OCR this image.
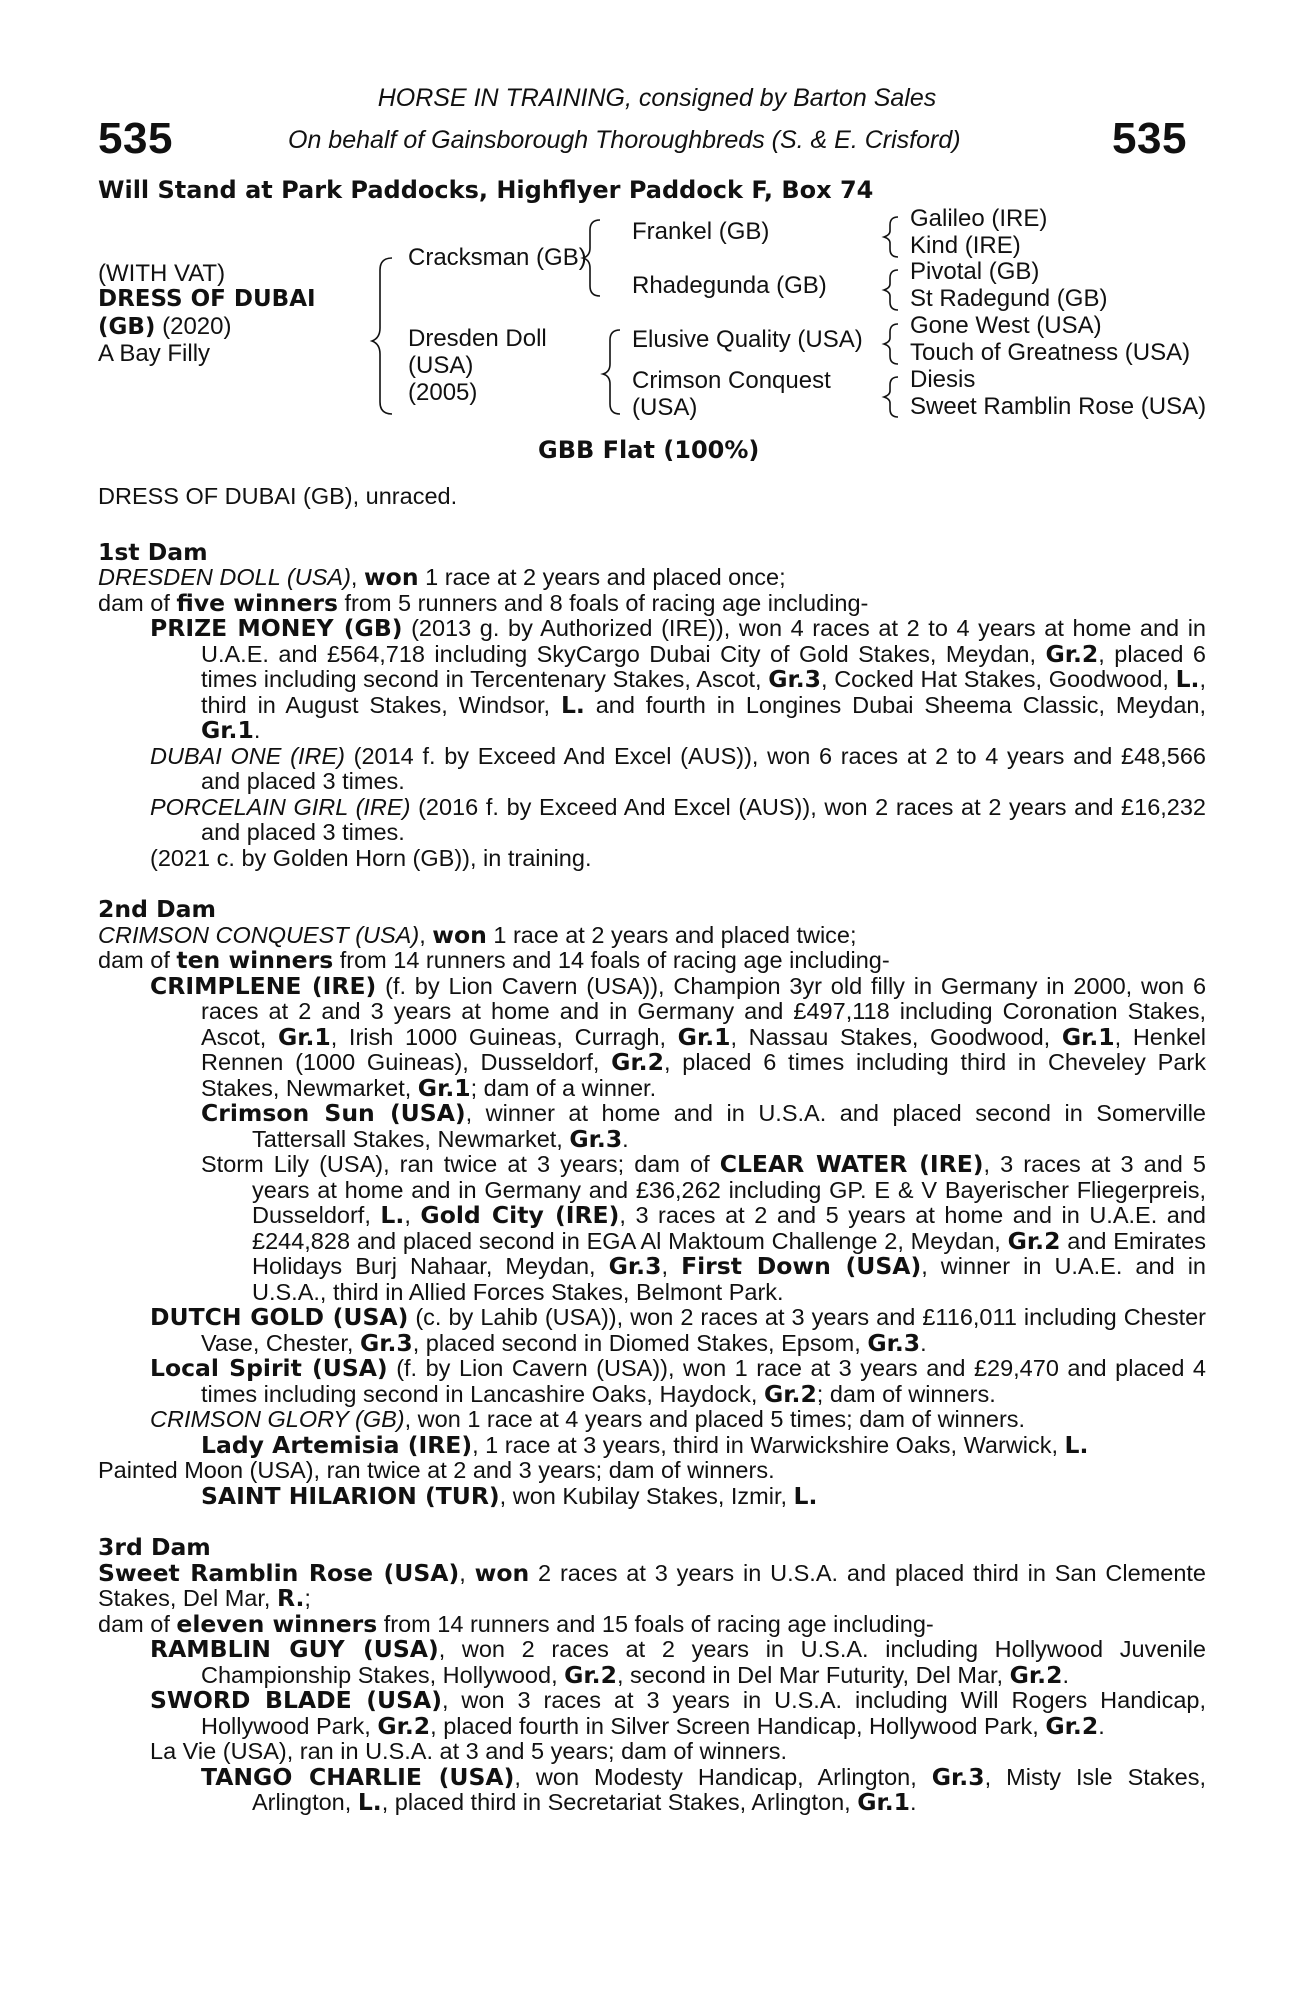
535	535
HORSE IN TRAINING, consigned by Barton Sales
On behalf of Gainsborough Thoroughbreds (S. & E. Crisford)
Will Stand at Park Paddocks, Highflyer Paddock F, Box 74
(WITH VAT)
DRESS OF DUBAI
(GB) (2020)
A Bay Filly
Cracksman (GB)
Dresden Doll
(USA)
(2005)
Frankel (GB)
Rhadegunda (GB)
Elusive Quality (USA)
Crimson Conquest
(USA)
Galileo (IRE)
Kind (IRE)
Pivotal (GB)
St Radegund (GB)
Gone West (USA)
Touch of Greatness (USA)
Diesis
Sweet Ramblin Rose (USA)
GBB Flat (100%)
DRESS OF DUBAI (GB), unraced.
1st Dam
DRESDEN DOLL (USA), won 1 race at 2 years and placed once;
dam of five winners from 5 runners and 8 foals of racing age including-
PRIZE MONEY (GB) (2013 g. by Authorized (IRE)), won 4 races at 2 to 4 years at home and in U.A.E. and £564,718 including SkyCargo Dubai City of Gold Stakes, Meydan, Gr.2, placed 6 times including second in Tercentenary Stakes, Ascot, Gr.3, Cocked Hat Stakes, Goodwood, L., third in August Stakes, Windsor, L. and fourth in Longines Dubai Sheema Classic, Meydan, Gr.1.
DUBAI ONE (IRE) (2014 f. by Exceed And Excel (AUS)), won 6 races at 2 to 4 years and £48,566 and placed 3 times.
PORCELAIN GIRL (IRE) (2016 f. by Exceed And Excel (AUS)), won 2 races at 2 years and £16,232 and placed 3 times.
(2021 c. by Golden Horn (GB)), in training.
2nd Dam
CRIMSON CONQUEST (USA), won 1 race at 2 years and placed twice;
dam of ten winners from 14 runners and 14 foals of racing age including-
CRIMPLENE (IRE) (f. by Lion Cavern (USA)), Champion 3yr old filly in Germany in 2000, won 6 races at 2 and 3 years at home and in Germany and £497,118 including Coronation Stakes, Ascot, Gr.1, Irish 1000 Guineas, Curragh, Gr.1, Nassau Stakes, Goodwood, Gr.1, Henkel Rennen (1000 Guineas), Dusseldorf, Gr.2, placed 6 times including third in Cheveley Park Stakes, Newmarket, Gr.1; dam of a winner.
Crimson Sun (USA), winner at home and in U.S.A. and placed second in Somerville Tattersall Stakes, Newmarket, Gr.3.
Storm Lily (USA), ran twice at 3 years; dam of CLEAR WATER (IRE), 3 races at 3 and 5 years at home and in Germany and £36,262 including GP. E & V Bayerischer Fliegerpreis, Dusseldorf, L., Gold City (IRE), 3 races at 2 and 5 years at home and in U.A.E. and £244,828 and placed second in EGA Al Maktoum Challenge 2, Meydan, Gr.2 and Emirates Holidays Burj Nahaar, Meydan, Gr.3, First Down (USA), winner in U.A.E. and in U.S.A., third in Allied Forces Stakes, Belmont Park.
DUTCH GOLD (USA) (c. by Lahib (USA)), won 2 races at 3 years and £116,011 including Chester Vase, Chester, Gr.3, placed second in Diomed Stakes, Epsom, Gr.3.
Local Spirit (USA) (f. by Lion Cavern (USA)), won 1 race at 3 years and £29,470 and placed 4 times including second in Lancashire Oaks, Haydock, Gr.2; dam of winners.
CRIMSON GLORY (GB), won 1 race at 4 years and placed 5 times; dam of winners.
Lady Artemisia (IRE), 1 race at 3 years, third in Warwickshire Oaks, Warwick, L.
Painted Moon (USA), ran twice at 2 and 3 years; dam of winners.
SAINT HILARION (TUR), won Kubilay Stakes, Izmir, L.
3rd Dam
Sweet Ramblin Rose (USA), won 2 races at 3 years in U.S.A. and placed third in San Clemente Stakes, Del Mar, R.;
dam of eleven winners from 14 runners and 15 foals of racing age including-
RAMBLIN GUY (USA), won 2 races at 2 years in U.S.A. including Hollywood Juvenile Championship Stakes, Hollywood, Gr.2, second in Del Mar Futurity, Del Mar, Gr.2.
SWORD BLADE (USA), won 3 races at 3 years in U.S.A. including Will Rogers Handicap, Hollywood Park, Gr.2, placed fourth in Silver Screen Handicap, Hollywood Park, Gr.2.
La Vie (USA), ran in U.S.A. at 3 and 5 years; dam of winners.
TANGO CHARLIE (USA), won Modesty Handicap, Arlington, Gr.3, Misty Isle Stakes, Arlington, L., placed third in Secretariat Stakes, Arlington, Gr.1.
